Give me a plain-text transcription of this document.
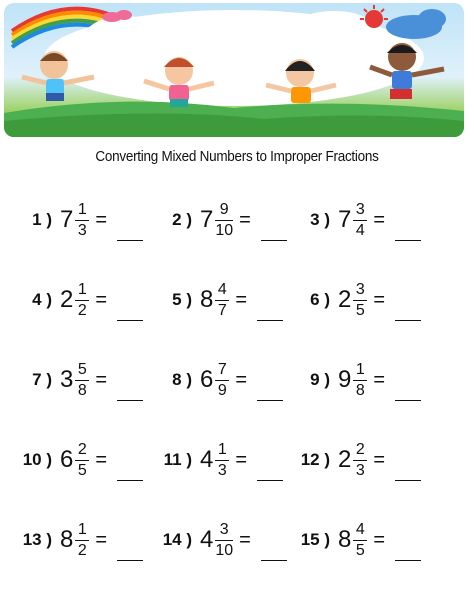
Converting Mixed Numbers to Improper Fractions
1 ) $7 \frac{1}{3}$ =	2 ) $7 \frac{9}{10}$ =	3 ) $7 \frac{3}{4}$ =
4 ) $2 \frac{1}{2}$ =	5 ) $8 \frac{4}{7}$ =	6 ) $2 \frac{3}{5}$ =
7 ) $3 \frac{5}{8}$ =	8 ) $6 \frac{7}{9}$ =	9 ) $9 \frac{1}{8}$ =
10 ) $6 \frac{2}{5}$ =	11 ) $4 \frac{1}{3}$ =	12 ) $2 \frac{2}{3}$ =
13 ) $8 \frac{1}{2}$ =	14 ) $4 \frac{3}{10}$ =	15 ) $8 \frac{4}{5}$ =
